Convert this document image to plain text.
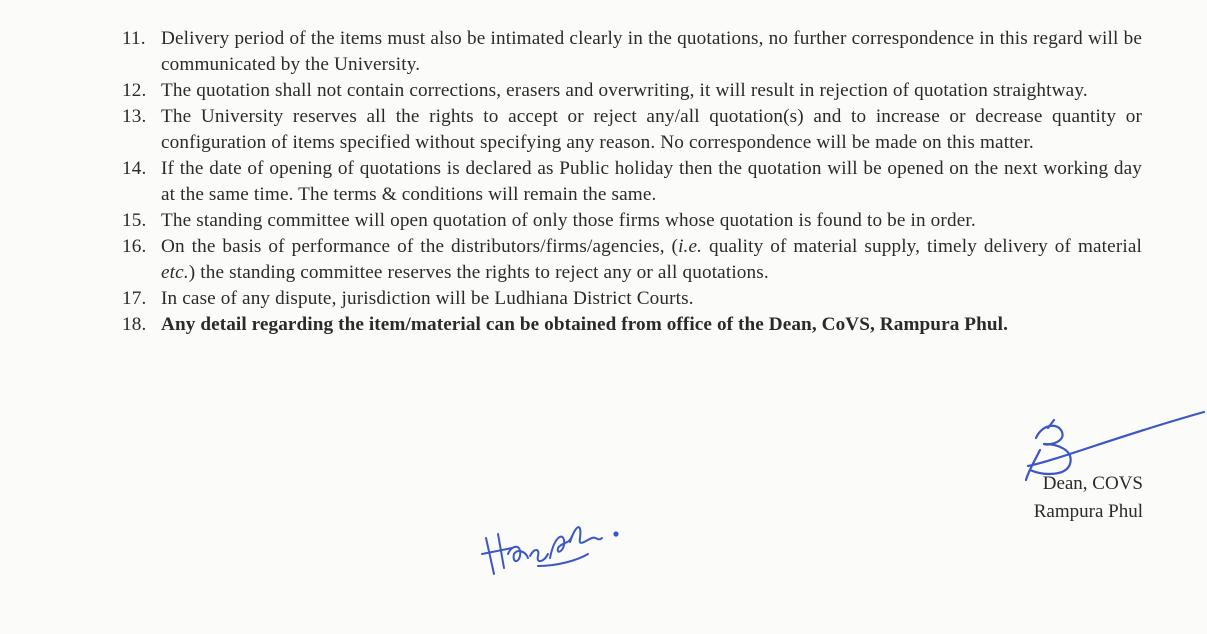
11. Delivery period of the items must also be intimated clearly in the quotations, no further correspondence in this regard will be communicated by the University.
12. The quotation shall not contain corrections, erasers and overwriting, it will result in rejection of quotation straightway.
13. The University reserves all the rights to accept or reject any/all quotation(s) and to increase or decrease quantity or configuration of items specified without specifying any reason. No correspondence will be made on this matter.
14. If the date of opening of quotations is declared as Public holiday then the quotation will be opened on the next working day at the same time. The terms & conditions will remain the same.
15. The standing committee will open quotation of only those firms whose quotation is found to be in order.
16. On the basis of performance of the distributors/firms/agencies, (i.e. quality of material supply, timely delivery of material etc.) the standing committee reserves the rights to reject any or all quotations.
17. In case of any dispute, jurisdiction will be Ludhiana District Courts.
18. Any detail regarding the item/material can be obtained from office of the Dean, CoVS, Rampura Phul.
Dean, COVS
Rampura Phul
